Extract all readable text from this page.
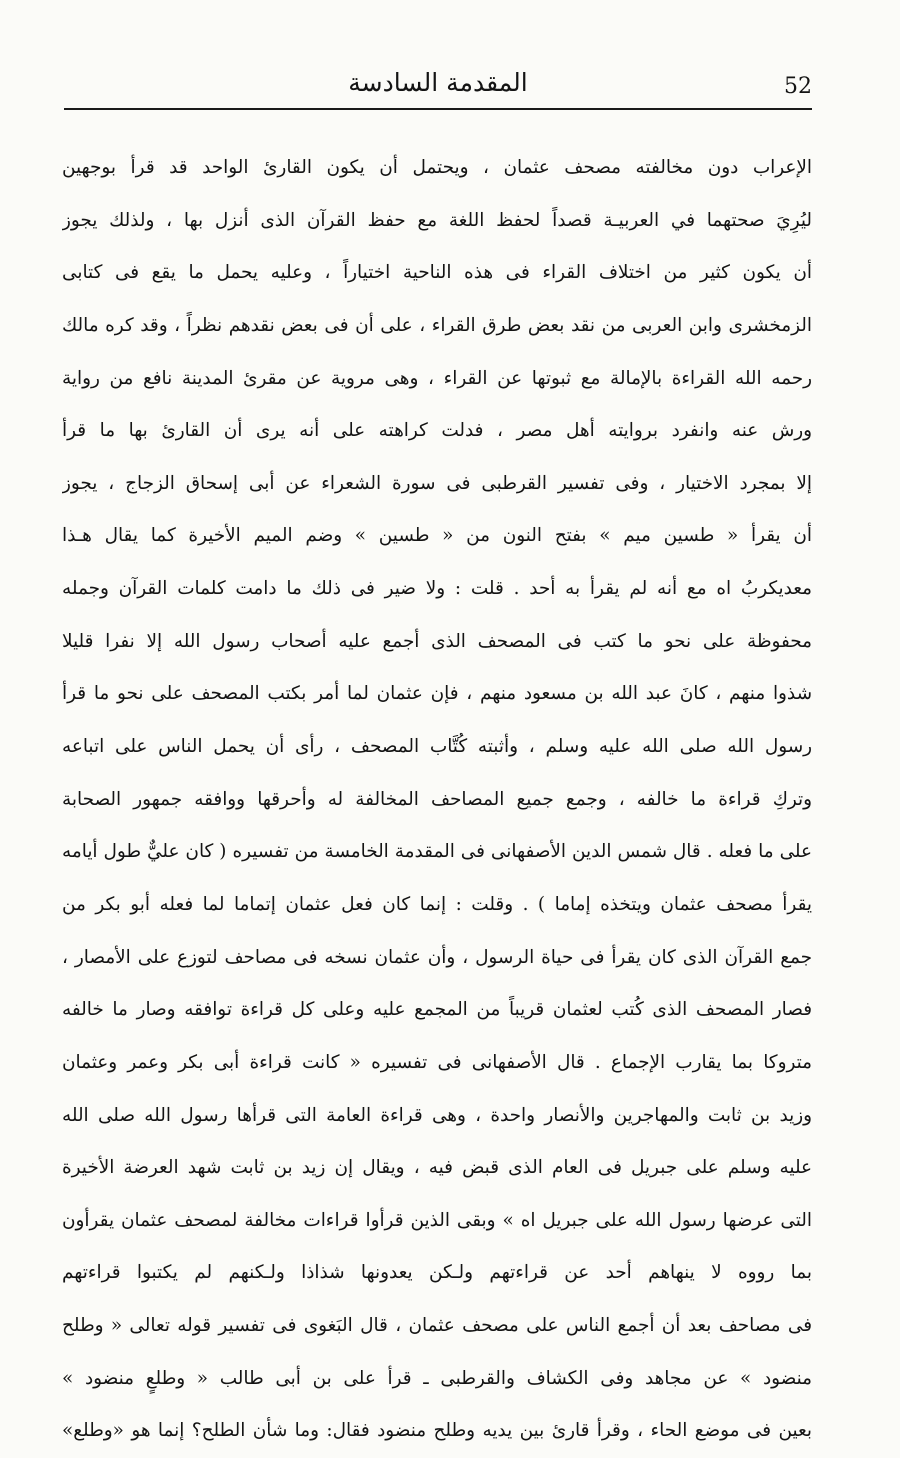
52
المقدمة السادسة
الإعراب دون مخالفته مصحف عثمان ، ويحتمل أن يكون القارئ الواحد قد قرأ بوجهين
ليُرِيَ صحتهما في العربيـة قصداً لحفظ اللغة مع حفظ القرآن الذى أنزل بها ، ولذلك يجوز
أن يكون كثير من اختلاف القراء فى هذه الناحية اختياراً ، وعليه يحمل ما يقع فى كتابى
الزمخشرى وابن العربى من نقد بعض طرق القراء ، على أن فى بعض نقدهم نظراً ، وقد كره مالك
رحمه الله القراءة بالإمالة مع ثبوتها عن القراء ، وهى مروية عن مقرئ المدينة نافع من رواية
ورش عنه وانفرد بروايته أهل مصر ، فدلت كراهته على أنه يرى أن القارئ بها ما قرأ
إلا بمجرد الاختيار ، وفى تفسير القرطبى فى سورة الشعراء عن أبى إسحاق الزجاج ، يجوز
أن يقرأ « طسين ميم » بفتح النون من « طسين » وضم الميم الأخيرة كما يقال هـذا
معديكربُ اه مع أنه لم يقرأ به أحد . قلت : ولا ضير فى ذلك ما دامت كلمات القرآن وجمله
محفوظة على نحو ما كتب فى المصحف الذى أجمع عليه أصحاب رسول الله إلا نفرا قليلا
شذوا منهم ، كانَ عبد الله بن مسعود منهم ، فإن عثمان لما أمر بكتب المصحف على نحو ما قرأ
رسول الله صلى الله عليه وسلم ، وأثبته كُتَّاب المصحف ، رأى أن يحمل الناس على اتباعه
وتركِ قراءة ما خالفه ، وجمع جميع المصاحف المخالفة له وأحرقها ووافقه جمهور الصحابة
على ما فعله . قال شمس الدين الأصفهانى فى المقدمة الخامسة من تفسيره ( كان عليٌّ طول أيامه
يقرأ مصحف عثمان ويتخذه إماما ) . وقلت : إنما كان فعل عثمان إتماما لما فعله أبو بكر من
جمع القرآن الذى كان يقرأ فى حياة الرسول ، وأن عثمان نسخه فى مصاحف لتوزع على الأمصار ،
فصار المصحف الذى كُتب لعثمان قريباً من المجمع عليه وعلى كل قراءة توافقه وصار ما خالفه
متروكا بما يقارب الإجماع . قال الأصفهانى فى تفسيره « كانت قراءة أبى بكر وعمر وعثمان
وزيد بن ثابت والمهاجرين والأنصار واحدة ، وهى قراءة العامة التى قرأها رسول الله صلى الله
عليه وسلم على جبريل فى العام الذى قبض فيه ، ويقال إن زيد بن ثابت شهد العرضة الأخيرة
التى عرضها رسول الله على جبريل اه » وبقى الذين قرأوا قراءات مخالفة لمصحف عثمان يقرأون
بما رووه لا ينهاهم أحد عن قراءتهم ولـكن يعدونها شذاذا ولـكنهم لم يكتبوا قراءتهم
فى مصاحف بعد أن أجمع الناس على مصحف عثمان ، قال البَغوى فى تفسير قوله تعالى « وطلح
منضود » عن مجاهد وفى الكشاف والقرطبى ـ قرأ على بن أبى طالب « وطلعٍ منضود »
بعين فى موضع الحاء ، وقرأ قارئ بين يديه وطلح منضود فقال: وما شأن الطلح؟ إنما هو «وطلع»
